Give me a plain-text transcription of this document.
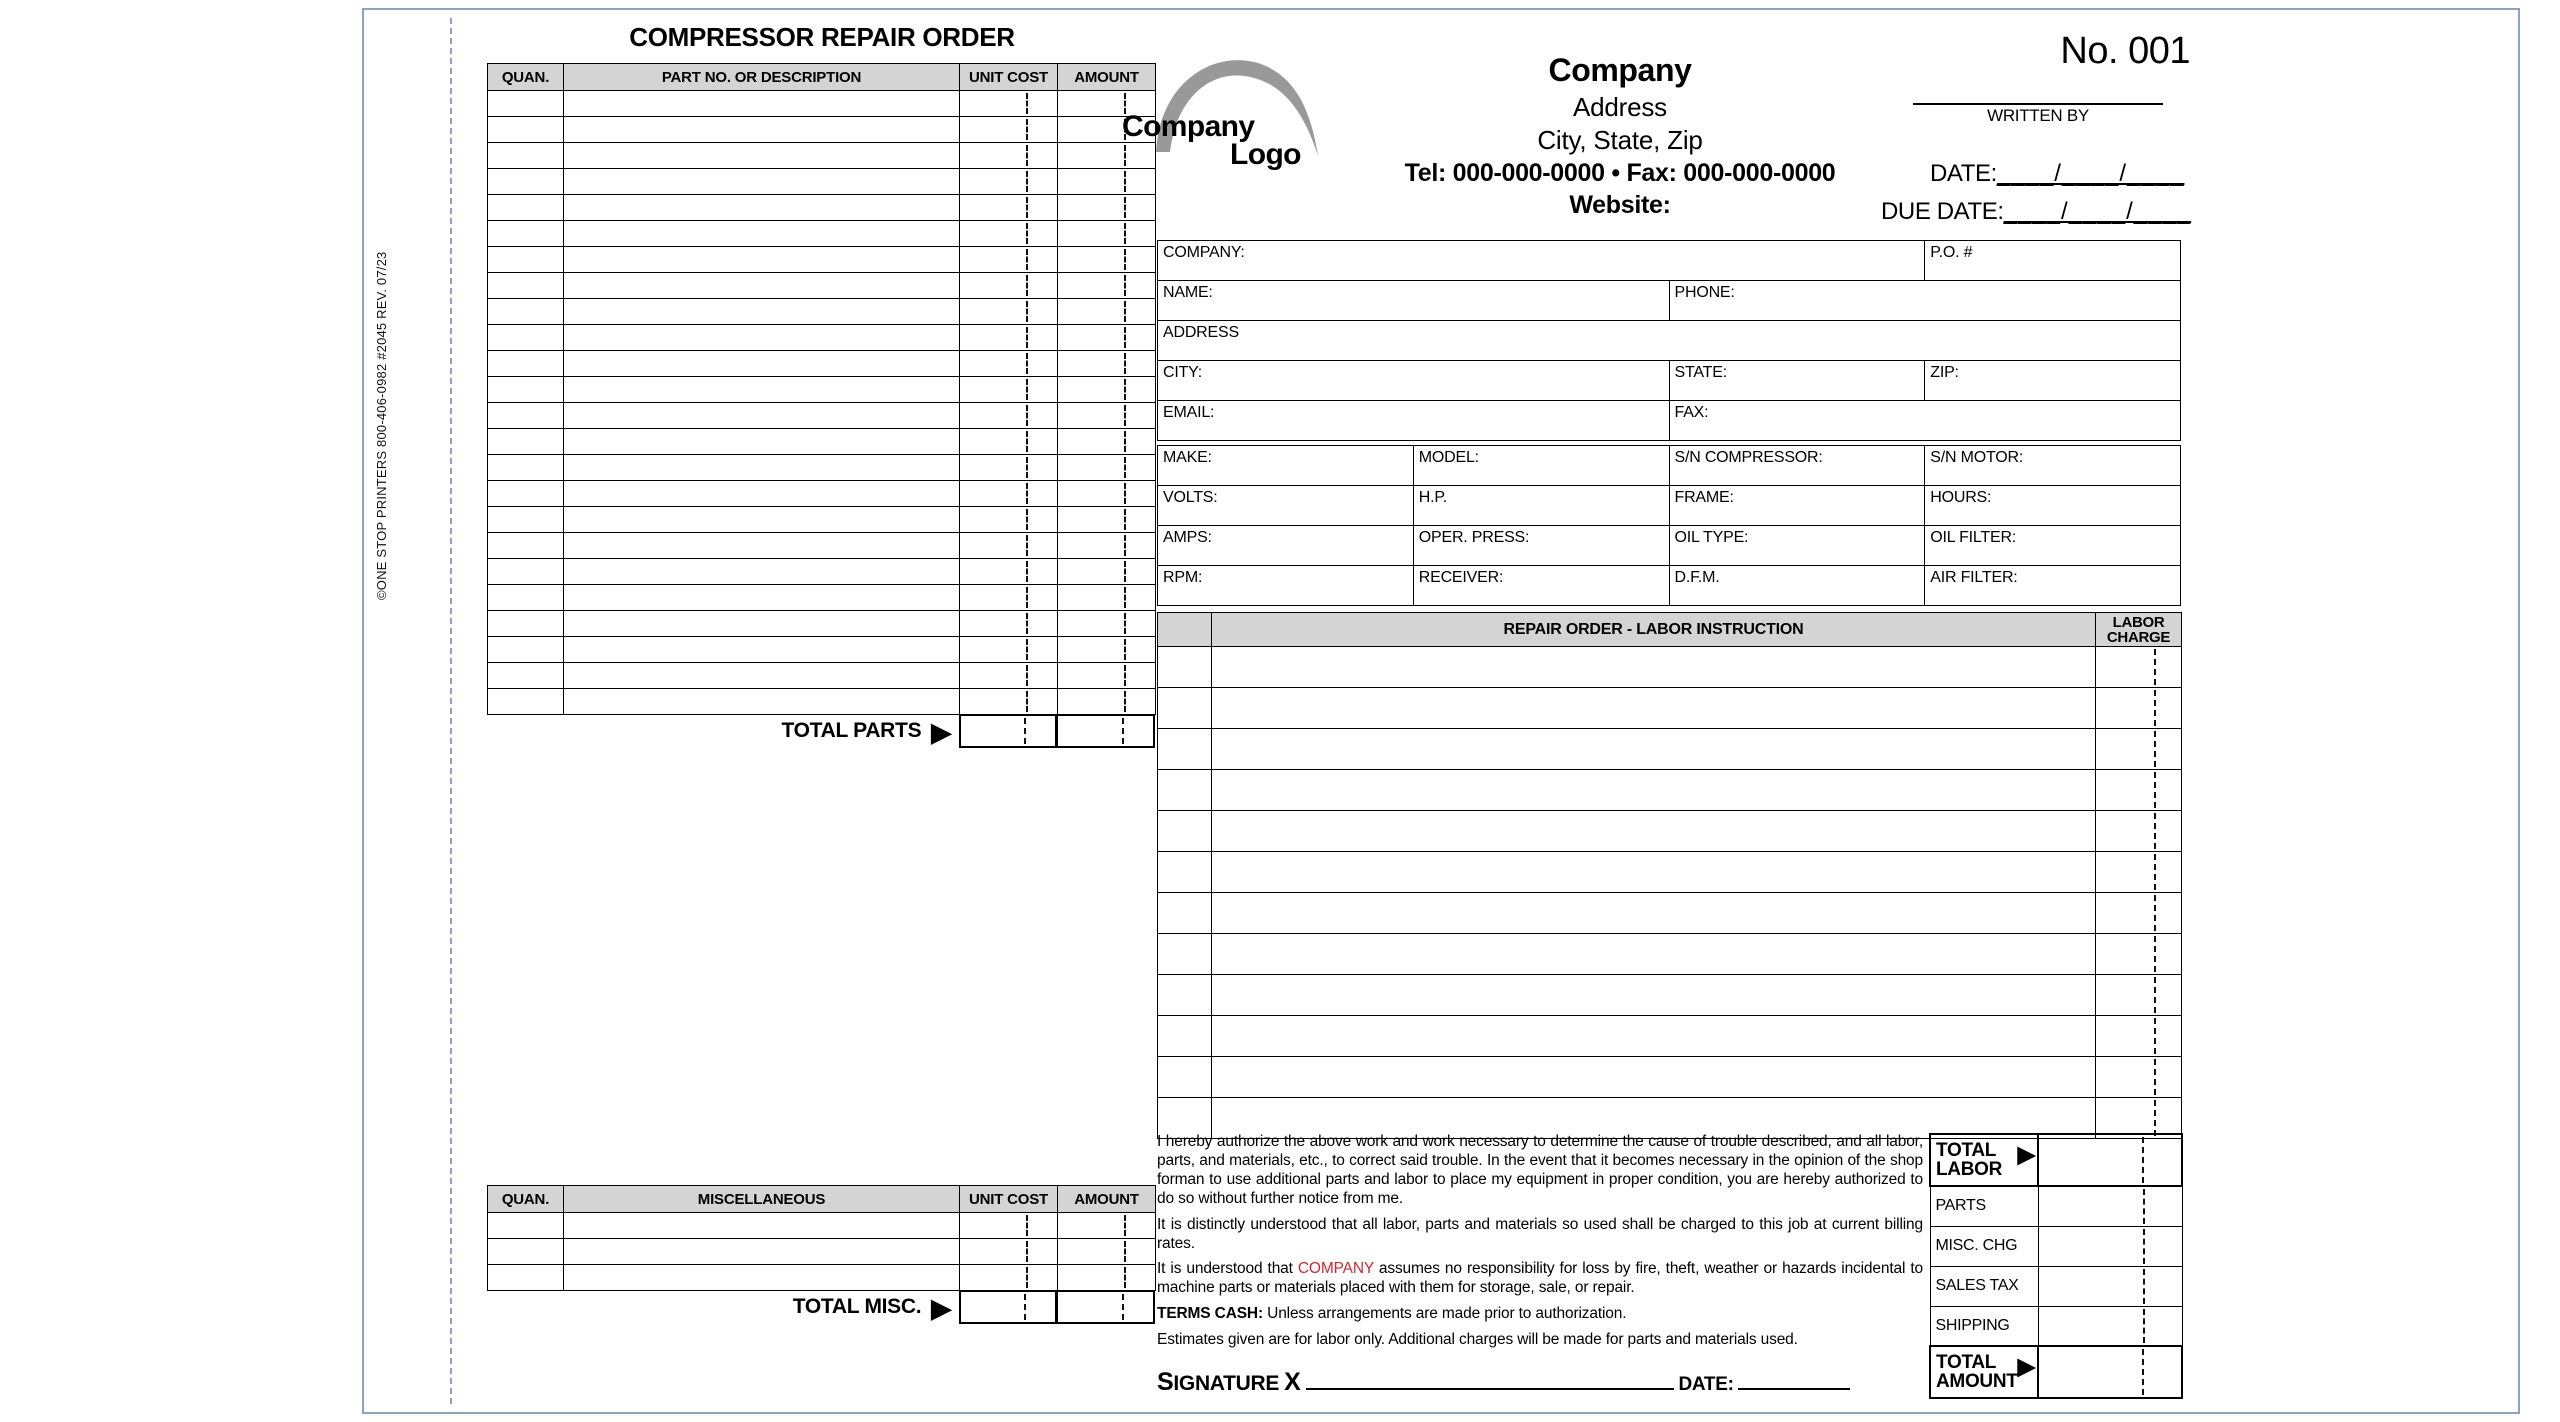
©ONE STOP PRINTERS 800-406-0982 #2045 REV. 07/23
COMPRESSOR REPAIR ORDER
QUAN.	PART NO. OR DESCRIPTION	UNIT COST	AMOUNT

TOTAL PARTS ▶
QUAN.	MISCELLANEOUS	UNIT COST	AMOUNT

TOTAL MISC. ▶
Company
Logo
Company
Address
City, State, Zip
Tel: 000-000-0000 • Fax: 000-000-0000
Website:
No. 001
WRITTEN BY
DATE:____/____/____
DUE DATE:____/____/____
COMPANY:		P.O. #
NAME:	PHONE:	
ADDRESS		
CITY:	STATE:	ZIP:
EMAIL:	FAX:	
MAKE:	MODEL:	S/N COMPRESSOR:	S/N MOTOR:
VOLTS:	H.P.	FRAME:	HOURS:
AMPS:	OPER. PRESS:	OIL TYPE:	OIL FILTER:
RPM:	RECEIVER:	D.F.M.	AIR FILTER:
	REPAIR ORDER - LABOR INSTRUCTION	LABOR
CHARGE

I hereby authorize the above work and work necessary to determine the cause of trouble described, and all labor, parts, and materials, etc., to correct said trouble. In the event that it becomes necessary in the opinion of the shop forman to use additional parts and labor to place my equipment in proper condition, you are hereby authorized to do so without further notice from me.

It is distinctly understood that all labor, parts and materials so used shall be charged to this job at current billing rates.

It is understood that COMPANY assumes no responsibility for loss by fire, theft, weather or hazards incidental to machine parts or materials placed with them for storage, sale, or repair.

TERMS CASH: Unless arrangements are made prior to authorization.

Estimates given are for labor only. Additional charges will be made for parts and materials used.

SIGNATURE X	DATE:
▶
TOTAL
LABOR	

PARTS	
MISC. CHG	
SALES TAX	
SHIPPING	

▶
TOTAL
AMOUNT	
